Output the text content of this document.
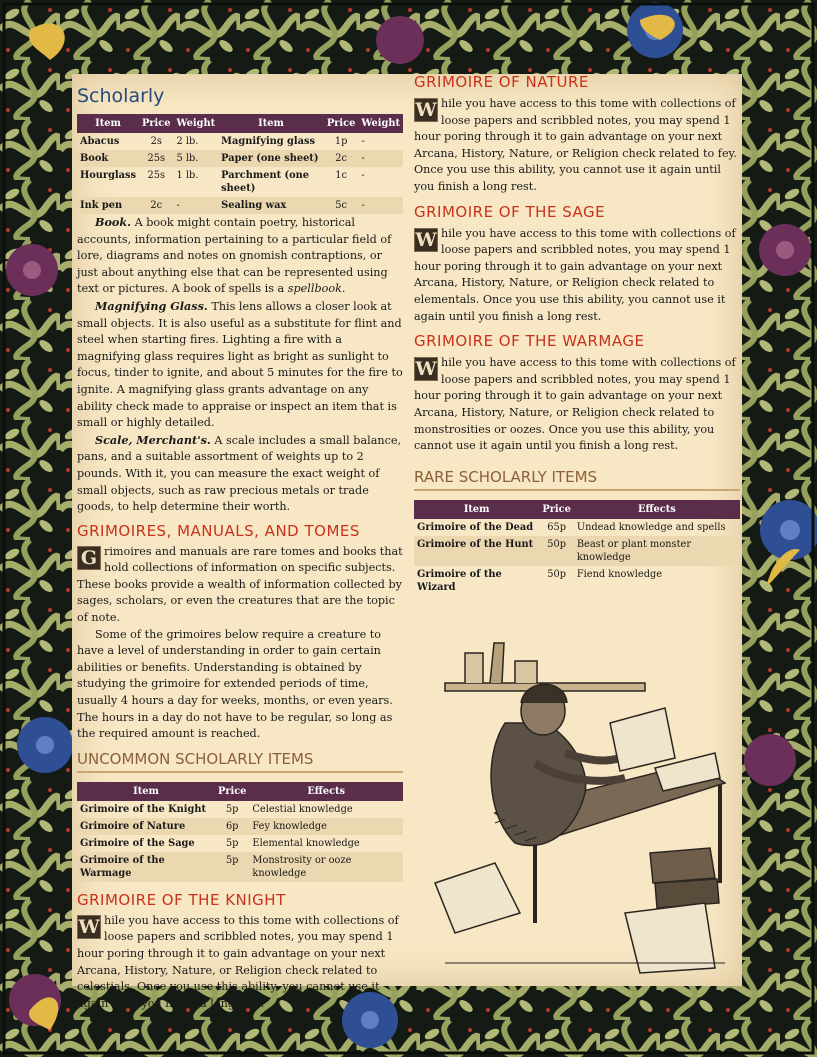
Scholarly
Item	Price	Weight	Item	Price	Weight
Abacus	2s	2 lb.	Magnifying glass	1p	-
Book	25s	5 lb.	Paper (one sheet)	2c	-
Hourglass	25s	1 lb.	Parchment (one sheet)	1c	-
Ink pen	2c	-	Sealing wax	5c	-

Book. A book might contain poetry, historical accounts, information pertaining to a particular field of lore, diagrams and notes on gnomish contraptions, or just about anything else that can be represented using text or pictures. A book of spells is a spellbook.

Magnifying Glass. This lens allows a closer look at small objects. It is also useful as a substitute for flint and steel when starting fires. Lighting a fire with a magnifying glass requires light as bright as sunlight to focus, tinder to ignite, and about 5 minutes for the fire to ignite. A magnifying glass grants advantage on any ability check made to appraise or inspect an item that is small or highly detailed.

Scale, Merchant's. A scale includes a small balance, pans, and a suitable assortment of weights up to 2 pounds. With it, you can measure the exact weight of small objects, such as raw precious metals or trade goods, to help determine their worth.

GRIMOIRES, MANUALS, AND TOMES

G rimoires and manuals are rare tomes and books that hold collections of information on specific subjects. These books provide a wealth of information collected by sages, scholars, or even the creatures that are the topic of note.

Some of the grimoires below require a creature to have a level of understanding in order to gain certain abilities or benefits. Understanding is obtained by studying the grimoire for extended periods of time, usually 4 hours a day for weeks, months, or even years. The hours in a day do not have to be regular, so long as the required amount is reached.

UNCOMMON SCHOLARLY ITEMS
Item	Price	Effects
Grimoire of the Knight	5p	Celestial knowledge
Grimoire of Nature	6p	Fey knowledge
Grimoire of the Sage	5p	Elemental knowledge
Grimoire of the Warmage	5p	Monstrosity or ooze knowledge
GRIMOIRE OF THE KNIGHT

W hile you have access to this tome with collections of loose papers and scribbled notes, you may spend 1 hour poring through it to gain advantage on your next Arcana, History, Nature, or Religion check related to celestials. Once you use this ability, you cannot use it again until you finish a long rest.

GRIMOIRE OF NATURE

W hile you have access to this tome with collections of loose papers and scribbled notes, you may spend 1 hour poring through it to gain advantage on your next Arcana, History, Nature, or Religion check related to fey. Once you use this ability, you cannot use it again until you finish a long rest.

GRIMOIRE OF THE SAGE

W hile you have access to this tome with collections of loose papers and scribbled notes, you may spend 1 hour poring through it to gain advantage on your next Arcana, History, Nature, or Religion check related to elementals. Once you use this ability, you cannot use it again until you finish a long rest.

GRIMOIRE OF THE WARMAGE

W hile you have access to this tome with collections of loose papers and scribbled notes, you may spend 1 hour poring through it to gain advantage on your next Arcana, History, Nature, or Religion check related to monstrosities or oozes. Once you use this ability, you cannot use it again until you finish a long rest.

RARE SCHOLARLY ITEMS
Item	Price	Effects
Grimoire of the Dead	65p	Undead knowledge and spells
Grimoire of the Hunt	50p	Beast or plant monster knowledge
Grimoire of the Wizard	50p	Fiend knowledge
